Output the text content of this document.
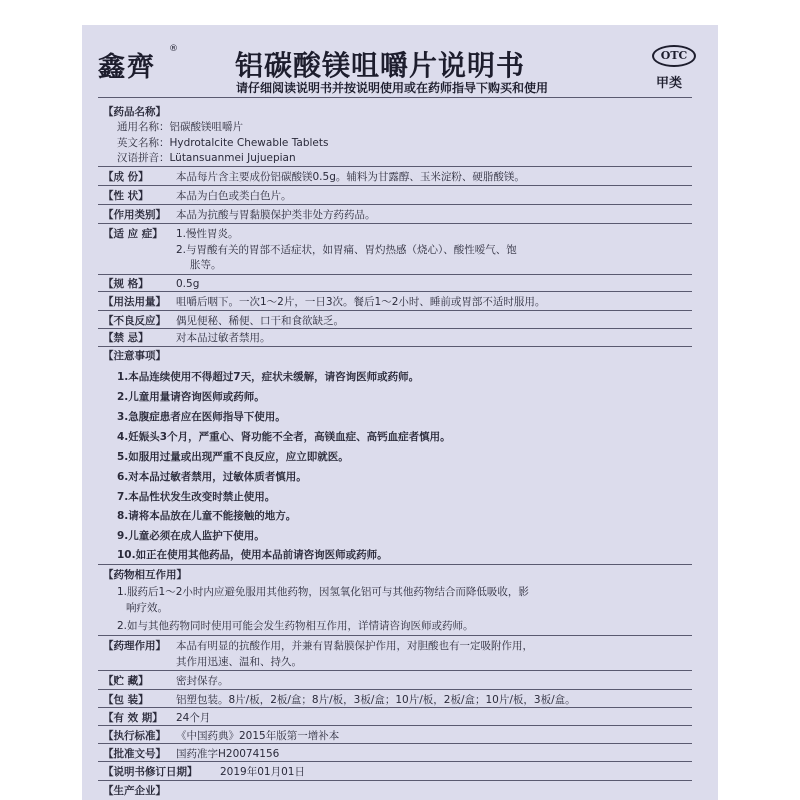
鑫齊
® 铝碳酸镁咀嚼片说明书
请仔细阅读说明书并按说明使用或在药师指导下购买和使用
OTC
甲类
【药品名称】
通用名称：铝碳酸镁咀嚼片
英文名称：Hydrotalcite Chewable Tablets
汉语拼音：Lütansuanmei Jujuepian
【成 份】	本品每片含主要成份铝碳酸镁0.5g。辅料为甘露醇、玉米淀粉、硬脂酸镁。
【性 状】	本品为白色或类白色片。
【作用类别】 本品为抗酸与胃黏膜保护类非处方药药品。
【适 应 症】 1.慢性胃炎。
2.与胃酸有关的胃部不适症状，如胃痛、胃灼热感（烧心）、酸性嗳气、饱
胀等。
【规 格】	0.5g
【用法用量】 咀嚼后咽下。一次1～2片，一日3次。餐后1～2小时、睡前或胃部不适时服用。
【不良反应】 偶见便秘、稀便、口干和食欲缺乏。
【禁 忌】	对本品过敏者禁用。
【注意事项】
1.本品连续使用不得超过7天，症状未缓解，请咨询医师或药师。
2.儿童用量请咨询医师或药师。
3.急腹症患者应在医师指导下使用。
4.妊娠头3个月，严重心、肾功能不全者，高镁血症、高钙血症者慎用。
5.如服用过量或出现严重不良反应，应立即就医。
6.对本品过敏者禁用，过敏体质者慎用。
7.本品性状发生改变时禁止使用。
8.请将本品放在儿童不能接触的地方。
9.儿童必须在成人监护下使用。
10.如正在使用其他药品，使用本品前请咨询医师或药师。
【药物相互作用】
1.服药后1～2小时内应避免服用其他药物，因氢氧化铝可与其他药物结合而降低吸收，影
响疗效。
2.如与其他药物同时使用可能会发生药物相互作用，详情请咨询医师或药师。
【药理作用】 本品有明显的抗酸作用，并兼有胃黏膜保护作用，对胆酸也有一定吸附作用，
其作用迅速、温和、持久。
【贮 藏】	密封保存。
【包 装】	铝塑包装。8片/板，2板/盒；8片/板，3板/盒；10片/板，2板/盒；10片/板，3板/盒。
【有 效 期】 24个月
【执行标准】 《中国药典》2015年版第一增补本
【批准文号】 国药准字H20074156
【说明书修订日期】 2019年01月01日
【生产企业】
